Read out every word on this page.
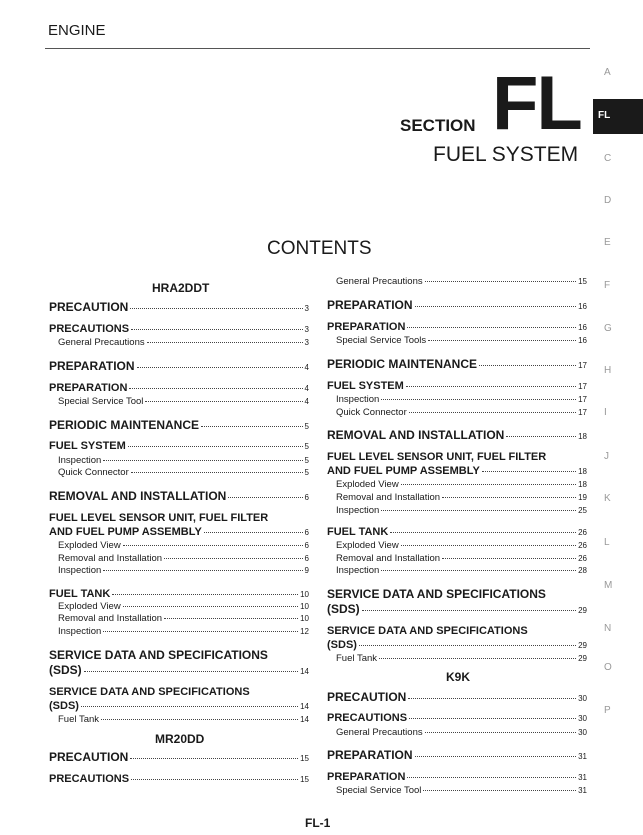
ENGINE
SECTION FL
FUEL SYSTEM
CONTENTS
FL
A
C
D
E
F
G
H
I
J
K
L
M
N
O
P
HRA2DDT
MR20DD
K9K
PRECAUTION	3
PRECAUTIONS	3
General Precautions	3
PREPARATION	4
PREPARATION	4
Special Service Tool	4
PERIODIC MAINTENANCE	5
FUEL SYSTEM	5
Inspection	5
Quick Connector	5
REMOVAL AND INSTALLATION	6
FUEL LEVEL SENSOR UNIT, FUEL FILTER
AND FUEL PUMP ASSEMBLY	6
Exploded View	6
Removal and Installation	6
Inspection	9
FUEL TANK	10
Exploded View	10
Removal and Installation	10
Inspection	12
SERVICE DATA AND SPECIFICATIONS
(SDS)	14
SERVICE DATA AND SPECIFICATIONS
(SDS)	14
Fuel Tank	14
PRECAUTION	15
PRECAUTIONS	15
General Precautions	15
PREPARATION	16
PREPARATION	16
Special Service Tools	16
PERIODIC MAINTENANCE	17
FUEL SYSTEM	17
Inspection	17
Quick Connector	17
REMOVAL AND INSTALLATION	18
FUEL LEVEL SENSOR UNIT, FUEL FILTER
AND FUEL PUMP ASSEMBLY	18
Exploded View	18
Removal and Installation	19
Inspection	25
FUEL TANK	26
Exploded View	26
Removal and Installation	26
Inspection	28
SERVICE DATA AND SPECIFICATIONS
(SDS)	29
SERVICE DATA AND SPECIFICATIONS
(SDS)	29
Fuel Tank	29
PRECAUTION	30
PRECAUTIONS	30
General Precautions	30
PREPARATION	31
PREPARATION	31
Special Service Tool	31
FL-1
